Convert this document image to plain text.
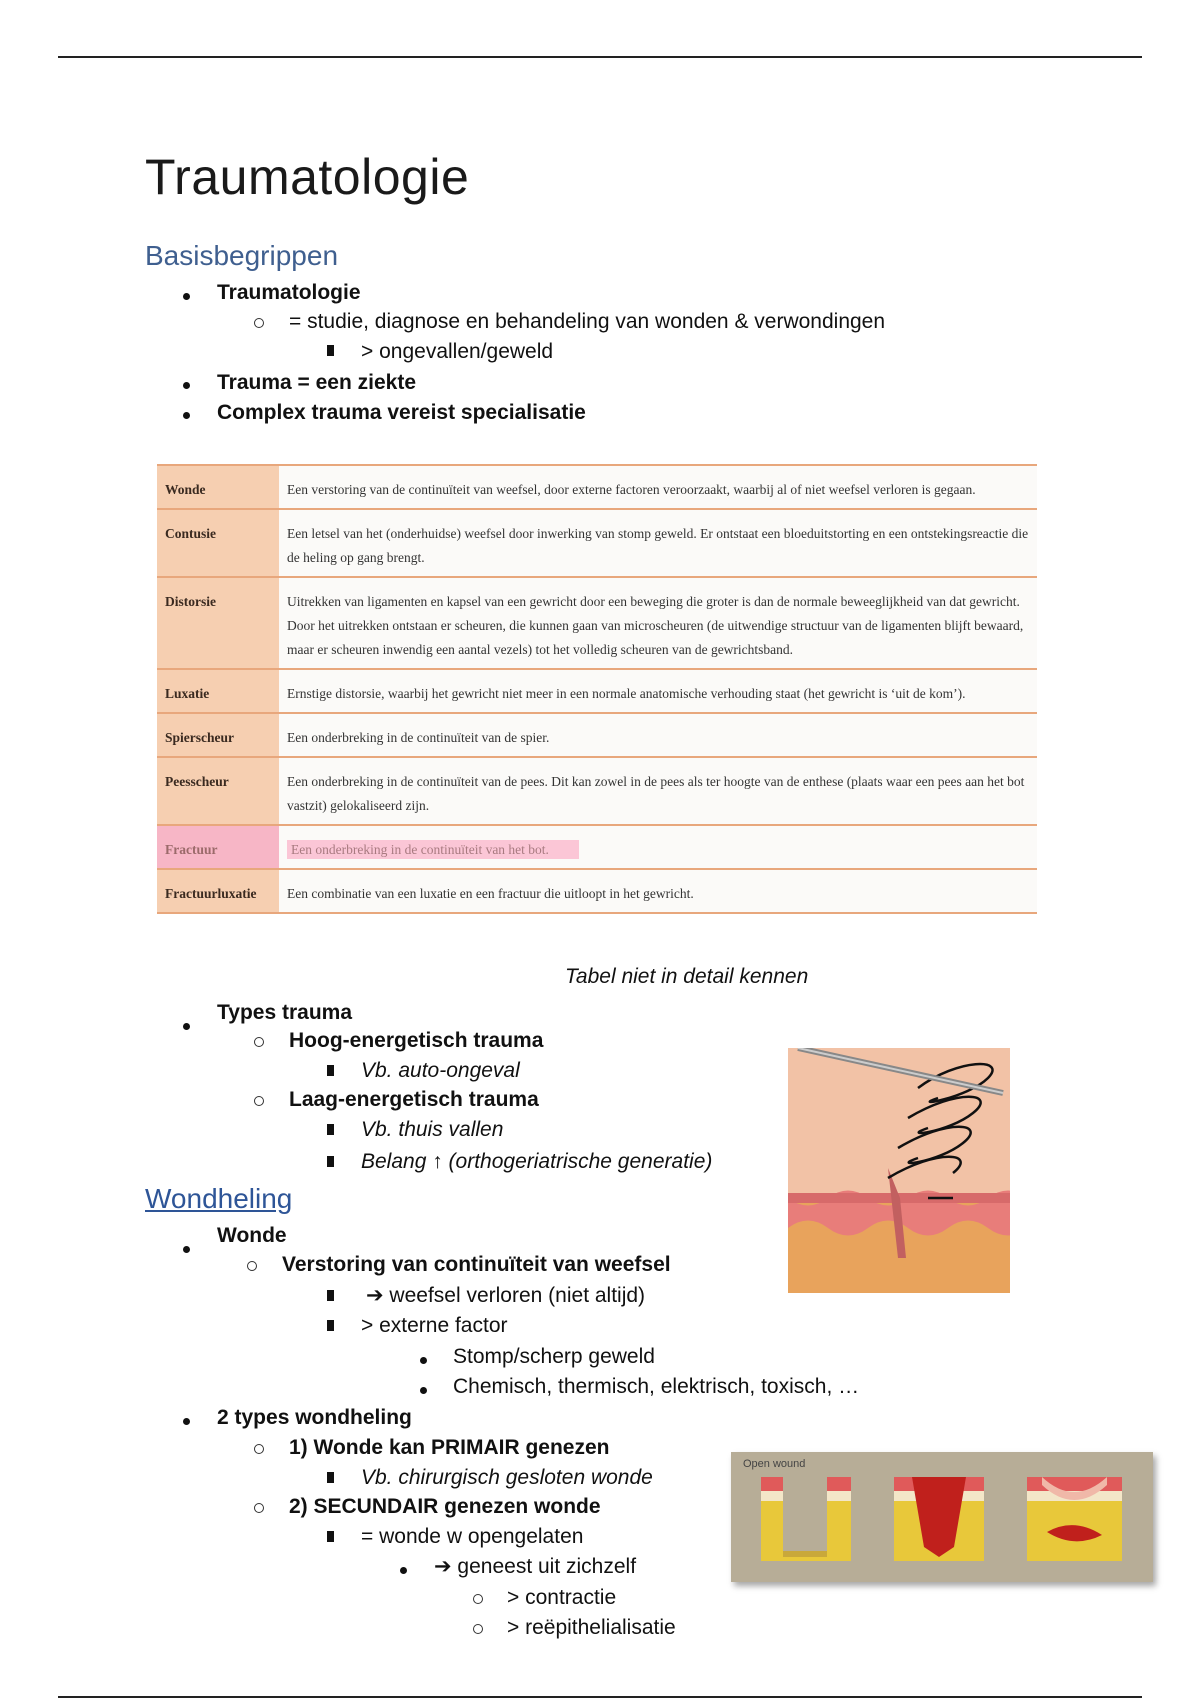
Traumatologie
Basisbegrippen
Traumatologie
= studie, diagnose en behandeling van wonden & verwondingen
> ongevallen/geweld
Trauma = een ziekte
Complex trauma vereist specialisatie
Wonde	Een verstoring van de continuïteit van weefsel, door externe factoren veroorzaakt, waarbij al of niet weefsel verloren is gegaan.
Contusie	Een letsel van het (onderhuidse) weefsel door inwerking van stomp geweld. Er ontstaat een bloeduitstorting en een ontstekingsreactie die de heling op gang brengt.
Distorsie	Uitrekken van ligamenten en kapsel van een gewricht door een beweging die groter is dan de normale beweeglijkheid van dat gewricht. Door het uitrekken ontstaan er scheuren, die kunnen gaan van microscheuren (de uitwendige structuur van de ligamenten blijft bewaard, maar er scheuren inwendig een aantal vezels) tot het volledig scheuren van de gewrichtsband.
Luxatie	Ernstige distorsie, waarbij het gewricht niet meer in een normale anatomische verhouding staat (het gewricht is ‘uit de kom’).
Spierscheur	Een onderbreking in de continuïteit van de spier.
Peesscheur	Een onderbreking in de continuïteit van de pees. Dit kan zowel in de pees als ter hoogte van de enthese (plaats waar een pees aan het bot vastzit) gelokaliseerd zijn.
Fractuur	Een onderbreking in de continuïteit van het bot.
Fractuurluxatie	Een combinatie van een luxatie en een fractuur die uitloopt in het gewricht.
Tabel niet in detail kennen
Types trauma
Hoog-energetisch trauma
Vb. auto-ongeval
Laag-energetisch trauma
Vb. thuis vallen
Belang ↑ (orthogeriatrische generatie)
Wondheling
Wonde
Verstoring van continuïteit van weefsel
➔ weefsel verloren (niet altijd)
> externe factor
Stomp/scherp geweld
Chemisch, thermisch, elektrisch, toxisch, …
2 types wondheling
1) Wonde kan PRIMAIR genezen
Vb. chirurgisch gesloten wonde
2) SECUNDAIR genezen wonde
= wonde w opengelaten
➔ geneest uit zichzelf
> contractie
> reëpithelialisatie
Open wound
